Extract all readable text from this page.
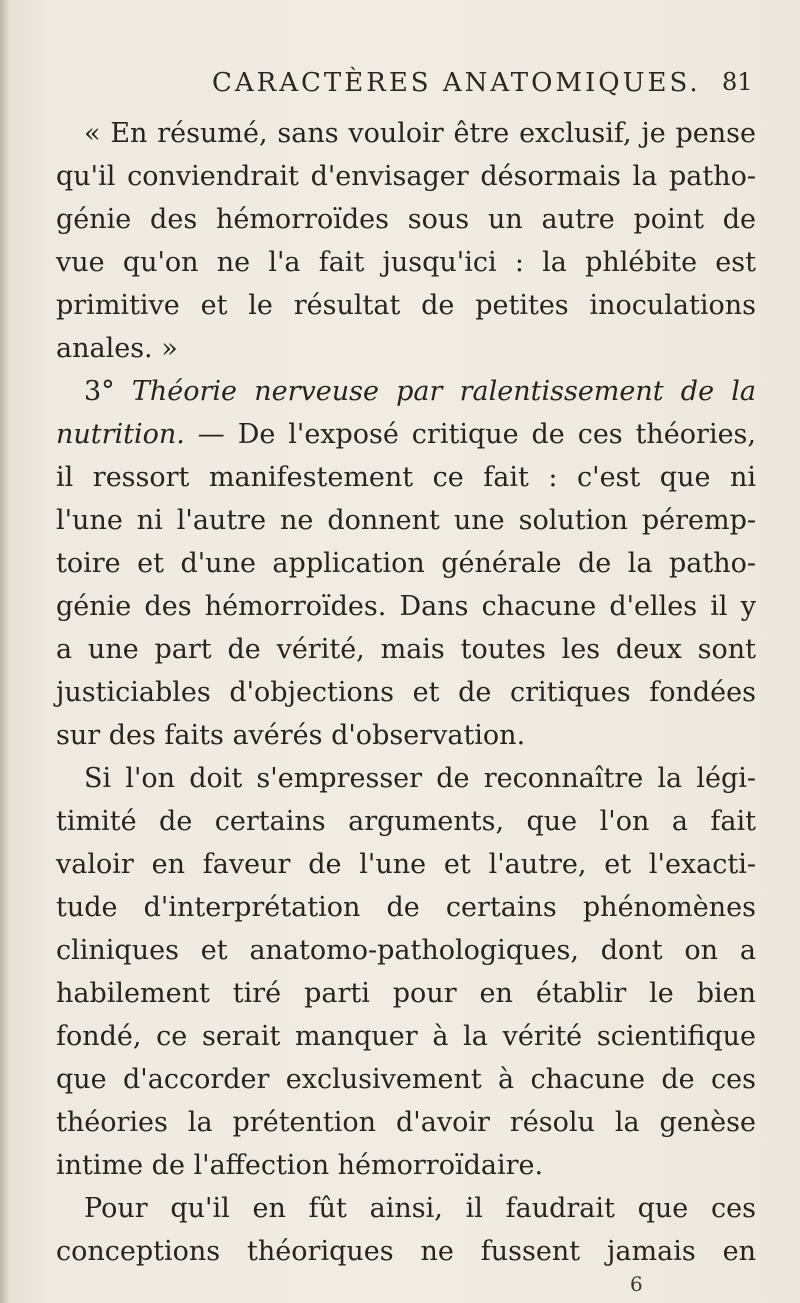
CARACTÈRES ANATOMIQUES. 81
« En résumé, sans vouloir être exclusif, je pense
qu'il conviendrait d'envisager désormais la patho-
génie des hémorroïdes sous un autre point de
vue qu'on ne l'a fait jusqu'ici : la phlébite est
primitive et le résultat de petites inoculations
anales. »
3° Théorie nerveuse par ralentissement de la
nutrition. — De l'exposé critique de ces théories,
il ressort manifestement ce fait : c'est que ni
l'une ni l'autre ne donnent une solution péremp-
toire et d'une application générale de la patho-
génie des hémorroïdes. Dans chacune d'elles il y
a une part de vérité, mais toutes les deux sont
justiciables d'objections et de critiques fondées
sur des faits avérés d'observation.
Si l'on doit s'empresser de reconnaître la légi-
timité de certains arguments, que l'on a fait
valoir en faveur de l'une et l'autre, et l'exacti-
tude d'interprétation de certains phénomènes
cliniques et anatomo-pathologiques, dont on a
habilement tiré parti pour en établir le bien
fondé, ce serait manquer à la vérité scientifique
que d'accorder exclusivement à chacune de ces
théories la prétention d'avoir résolu la genèse
intime de l'affection hémorroïdaire.
Pour qu'il en fût ainsi, il faudrait que ces
conceptions théoriques ne fussent jamais en
6
